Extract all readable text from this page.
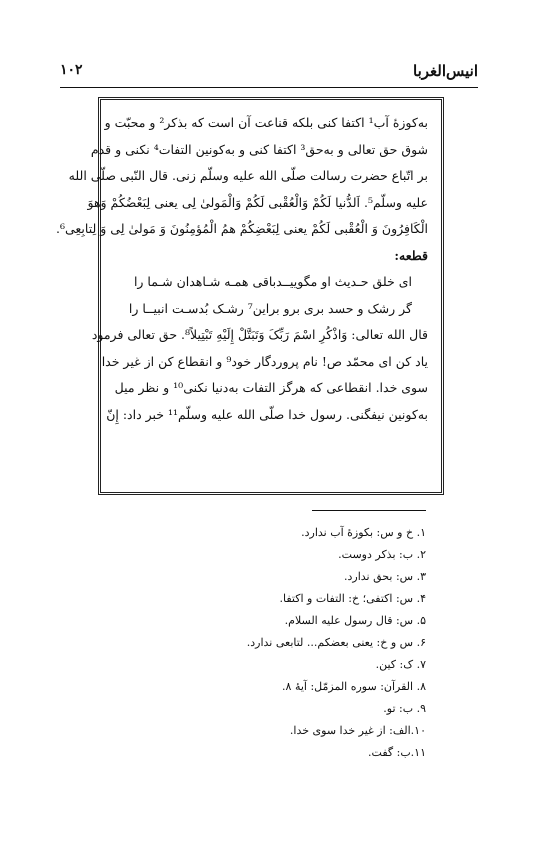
انیس‌الغربا
۱۰۲
به‌کوزهٔ آب¹ اکتفا کنی بلکه قناعت آن است که بذکر² و محبّت و
شوق حق تعالی و به‌حق³ اکتفا کنی و به‌کونین التفات⁴ نکنی و قدم
بر اتّباع حضرت رسالت صلّی الله علیه وسلّم زنی. قال النّبی صلّی الله
علیه وسلّم⁵. اَلدُّنیا لَکُمْ وَالْعُقْبی لَکُمْ وَالْمَولیٰ لِی یعنی لِبَعْضُکُمْ وَهوَ
الْکَافِرُونَ وَ الْعُقْبی لَکُمْ یعنی لِبَعْضِکُمْ همُ الْمُؤمِنُونَ وَ مَولیٰ لِی وَ لِتابِعِی⁶.
قطعه:
ای خلق حـدیث او مگوییــد
باقی همـه شـاهدان شـما را
گر رشک و حسد بری برو بر
این⁷ رشـک بُدسـت انبیــا را
قال الله تعالی: وَاذْکُرِ اسْمَ رَبِّکَ وَتَبَتَّلْ إِلَیْهِ تَبْتِیلاً⁸. حق تعالی فرمود
یاد کن ای محمّد ص! نام پروردگار خود⁹ و انقطاع کن از غیر خدا
سوی خدا. انقطاعی که هرگز التفات به‌دنیا نکنی¹⁰ و نظر میل
به‌کونین نیفگنی. رسول خدا صلّی الله علیه وسلّم¹¹ خبر داد: إِنّ
۱. خ و س: بکوزهٔ آب ندارد.
۲. ب: بذکر دوست.
۳. س: بحق ندارد.
۴. س: اکتفی؛ خ: التفات و اکتفا.
۵. س: قال رسول علیه السلام.
۶. س و خ: یعنی بعضکم... لتابعی ندارد.
۷. ک: کین.
۸. القرآن: سوره المزمّل: آیهٔ ۸.
۹. ب: تو.
۱۰.الف: از غیر خدا سوی خدا.
۱۱.ب: گفت.
